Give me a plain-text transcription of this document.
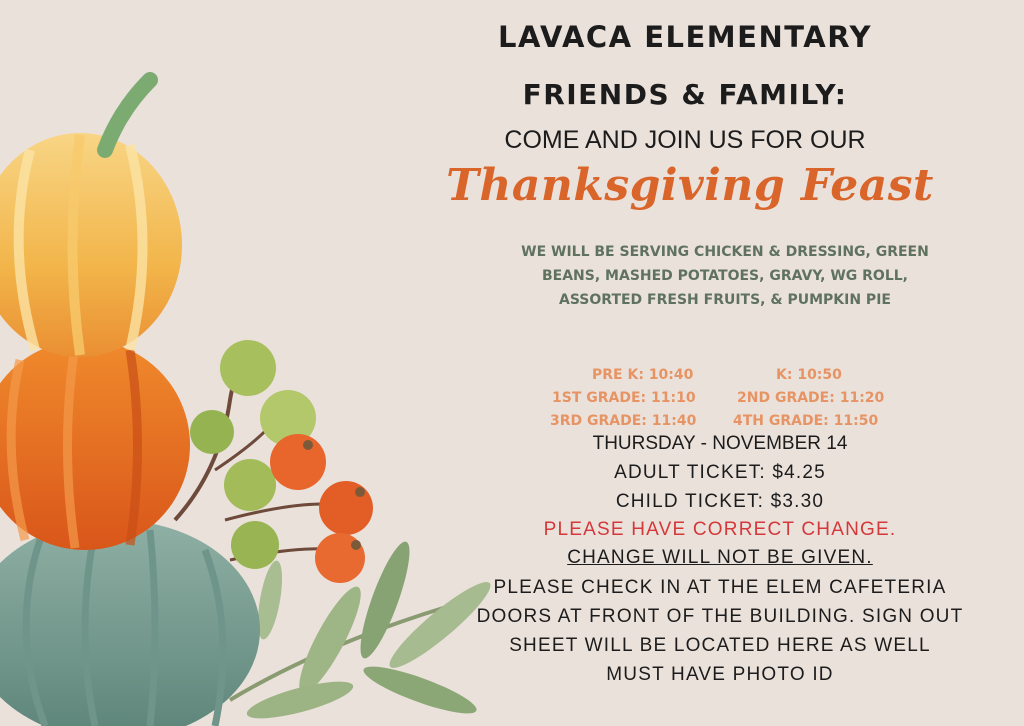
LAVACA ELEMENTARY
FRIENDS & FAMILY:
COME AND JOIN US FOR OUR
Thanksgiving Feast
WE WILL BE SERVING CHICKEN & DRESSING, GREEN BEANS, MASHED POTATOES, GRAVY, WG ROLL, ASSORTED FRESH FRUITS, & PUMPKIN PIE
PRE K: 10:40	K: 10:50
1ST GRADE: 11:10	2ND GRADE: 11:20
3RD GRADE: 11:40	4TH GRADE: 11:50
THURSDAY - NOVEMBER 14
ADULT TICKET: $4.25
CHILD TICKET: $3.30
PLEASE HAVE CORRECT CHANGE.
CHANGE WILL NOT BE GIVEN.
PLEASE CHECK IN AT THE ELEM CAFETERIA
DOORS AT FRONT OF THE BUILDING. SIGN OUT
SHEET WILL BE LOCATED HERE AS WELL
MUST HAVE PHOTO ID
